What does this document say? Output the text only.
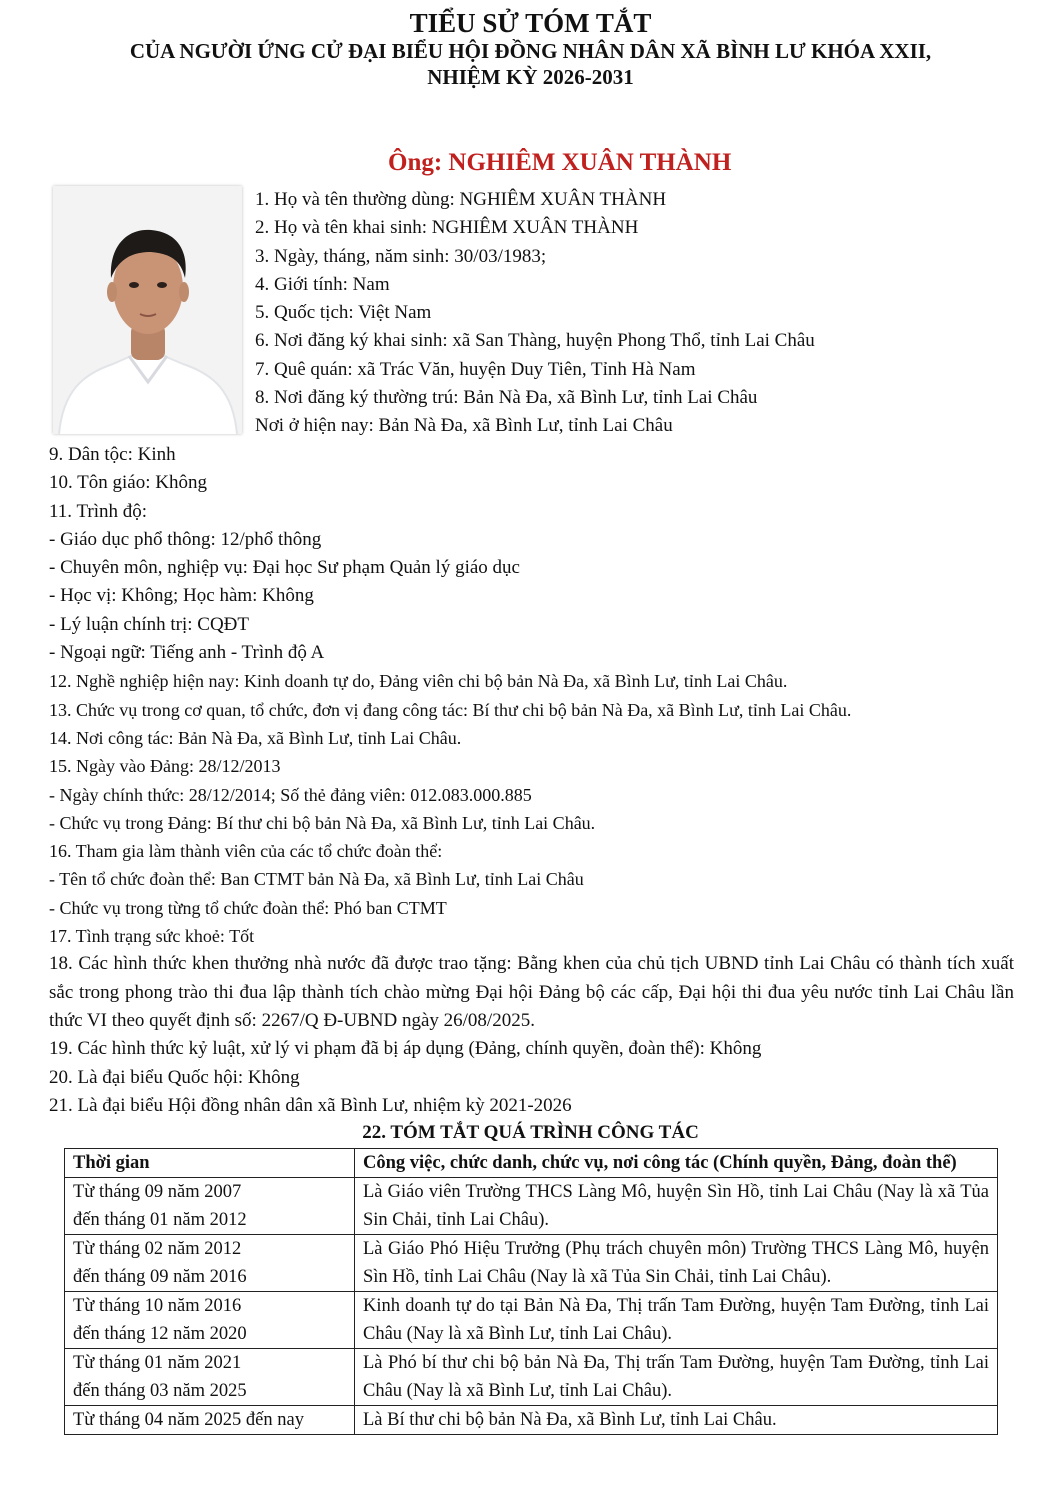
TIỂU SỬ TÓM TẮT
CỦA NGƯỜI ỨNG CỬ ĐẠI BIỂU HỘI ĐỒNG NHÂN DÂN XÃ BÌNH LƯ KHÓA XXII,
NHIỆM KỲ 2026-2031
Ông: NGHIÊM XUÂN THÀNH
1. Họ và tên thường dùng: NGHIÊM XUÂN THÀNH
2. Họ và tên khai sinh: NGHIÊM XUÂN THÀNH
3. Ngày, tháng, năm sinh: 30/03/1983;
4. Giới tính: Nam
5. Quốc tịch: Việt Nam
6. Nơi đăng ký khai sinh: xã San Thàng, huyện Phong Thổ, tỉnh Lai Châu
7. Quê quán: xã Trác Văn, huyện Duy Tiên, Tỉnh Hà Nam
8. Nơi đăng ký thường trú: Bản Nà Đa, xã Bình Lư, tỉnh Lai Châu
Nơi ở hiện nay: Bản Nà Đa, xã Bình Lư, tỉnh Lai Châu
9. Dân tộc: Kinh
10. Tôn giáo: Không
11. Trình độ:
- Giáo dục phổ thông: 12/phổ thông
- Chuyên môn, nghiệp vụ: Đại học Sư phạm Quản lý giáo dục
- Học vị: Không; Học hàm: Không
- Lý luận chính trị: CQĐT
- Ngoại ngữ: Tiếng anh - Trình độ A
12. Nghề nghiệp hiện nay: Kinh doanh tự do, Đảng viên chi bộ bản Nà Đa, xã Bình Lư, tỉnh Lai Châu.
13. Chức vụ trong cơ quan, tổ chức, đơn vị đang công tác: Bí thư chi bộ bản Nà Đa, xã Bình Lư, tỉnh Lai Châu.
14. Nơi công tác: Bản Nà Đa, xã Bình Lư, tỉnh Lai Châu.
15. Ngày vào Đảng: 28/12/2013
- Ngày chính thức: 28/12/2014; Số thẻ đảng viên: 012.083.000.885
- Chức vụ trong Đảng: Bí thư chi bộ bản Nà Đa, xã Bình Lư, tỉnh Lai Châu.
16. Tham gia làm thành viên của các tổ chức đoàn thể:
- Tên tổ chức đoàn thể: Ban CTMT bản Nà Đa, xã Bình Lư, tỉnh Lai Châu
- Chức vụ trong từng tổ chức đoàn thể: Phó ban CTMT
17. Tình trạng sức khoẻ: Tốt
18. Các hình thức khen thưởng nhà nước đã được trao tặng: Bằng khen của chủ tịch UBND tỉnh Lai Châu có thành tích xuất sắc trong phong trào thi đua lập thành tích chào mừng Đại hội Đảng bộ các cấp, Đại hội thi đua yêu nước tỉnh Lai Châu lần thức VI theo quyết định số: 2267/Q Đ-UBND ngày 26/08/2025.
19. Các hình thức kỷ luật, xử lý vi phạm đã bị áp dụng (Đảng, chính quyền, đoàn thể): Không
20. Là đại biểu Quốc hội: Không
21. Là đại biểu Hội đồng nhân dân xã Bình Lư, nhiệm kỳ 2021-2026
22. TÓM TẮT QUÁ TRÌNH CÔNG TÁC
Thời gian	Công việc, chức danh, chức vụ, nơi công tác (Chính quyền, Đảng, đoàn thể)

Từ tháng 09 năm 2007
đến tháng 01 năm 2012	Là Giáo viên Trường THCS Làng Mô, huyện Sìn Hồ, tỉnh Lai Châu (Nay là xã Tủa Sin Chải, tỉnh Lai Châu).

Từ tháng 02 năm 2012
đến tháng 09 năm 2016	Là Giáo Phó Hiệu Trưởng (Phụ trách chuyên môn) Trường THCS Làng Mô, huyện Sìn Hồ, tỉnh Lai Châu (Nay là xã Tủa Sin Chải, tỉnh Lai Châu).

Từ tháng 10 năm 2016
đến tháng 12 năm 2020	Kinh doanh tự do tại Bản Nà Đa, Thị trấn Tam Đường, huyện Tam Đường, tỉnh Lai Châu (Nay là xã Bình Lư, tỉnh Lai Châu).

Từ tháng 01 năm 2021
đến tháng 03 năm 2025	Là Phó bí thư chi bộ bản Nà Đa, Thị trấn Tam Đường, huyện Tam Đường, tỉnh Lai Châu (Nay là xã Bình Lư, tỉnh Lai Châu).

Từ tháng 04 năm 2025 đến nay	Là Bí thư chi bộ bản Nà Đa, xã Bình Lư, tỉnh Lai Châu.
